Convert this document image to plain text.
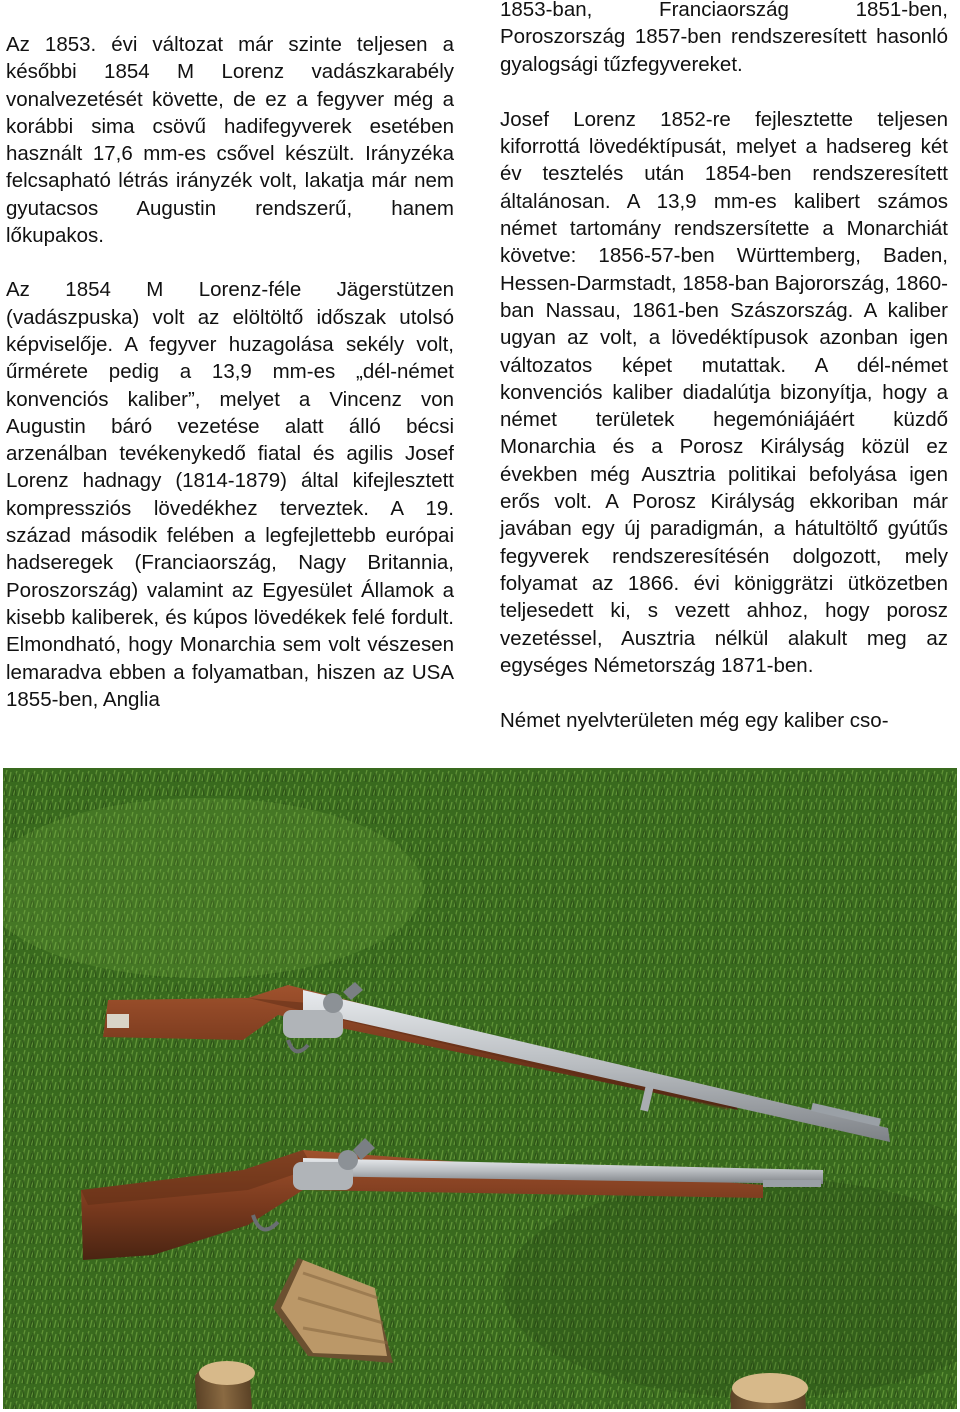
Az 1853. évi változat már szinte teljesen a későbbi 1854 M Lorenz vadászkarabély vonalvezetését követte, de ez a fegyver még a korábbi sima csövű hadifegyverek esetében használt 17,6 mm-es csővel készült. Irányzéka felcsapható létrás irányzék volt, lakatja már nem gyutacsos Augustin rendszerű, hanem lőkupakos.

Az 1854 M Lorenz-féle Jägerstützen (vadászpuska) volt az elöltöltő időszak utolsó képviselője. A fegyver huzagolása sekély volt, űrmérete pedig a 13,9 mm-es „dél-német konvenciós kaliber”, melyet a Vincenz von Augustin báró vezetése alatt álló bécsi arzenálban tevékenykedő fiatal és agilis Josef Lorenz hadnagy (1814-1879) által kifejlesztett kompressziós lövedékhez terveztek. A 19. század második felében a legfejlettebb európai hadseregek (Franciaország, Nagy Britannia, Poroszország) valamint az Egyesület Államok a kisebb kaliberek, és kúpos lövedékek felé fordult. Elmondható, hogy Monarchia sem volt vészesen lemaradva ebben a folyamatban, hiszen az USA 1855-ben, Anglia

1853-ban, Franciaország 1851-ben, Poroszország 1857-ben rendszeresített hasonló gyalogsági tűzfegyvereket.

Josef Lorenz 1852-re fejlesztette teljesen kiforrottá lövedéktípusát, melyet a hadsereg két év tesztelés után 1854-ben rendszeresített általánosan. A 13,9 mm-es kalibert számos német tartomány rendszersítette a Monarchiát követve: 1856-57-ben Württemberg, Baden, Hessen-Darmstadt, 1858-ban Bajorország, 1860-ban Nassau, 1861-ben Szászország. A kaliber ugyan az volt, a lövedéktípusok azonban igen változatos képet mutattak. A dél-német konvenciós kaliber diadalútja bizonyítja, hogy a német területek hegemóniájáért küzdő Monarchia és a Porosz Királyság közül ez években még Ausztria politikai befolyása igen erős volt. A Porosz Királyság ekkoriban már javában egy új paradigmán, a hátultöltő gyútűs fegyverek rendszeresítésén dolgozott, mely folyamat az 1866. évi königgrätzi ütközetben teljesedett ki, s vezett ahhoz, hogy porosz vezetéssel, Ausztria nélkül alakult meg az egységes Németország 1871-ben.

Német nyelvterületen még egy kaliber cso-
